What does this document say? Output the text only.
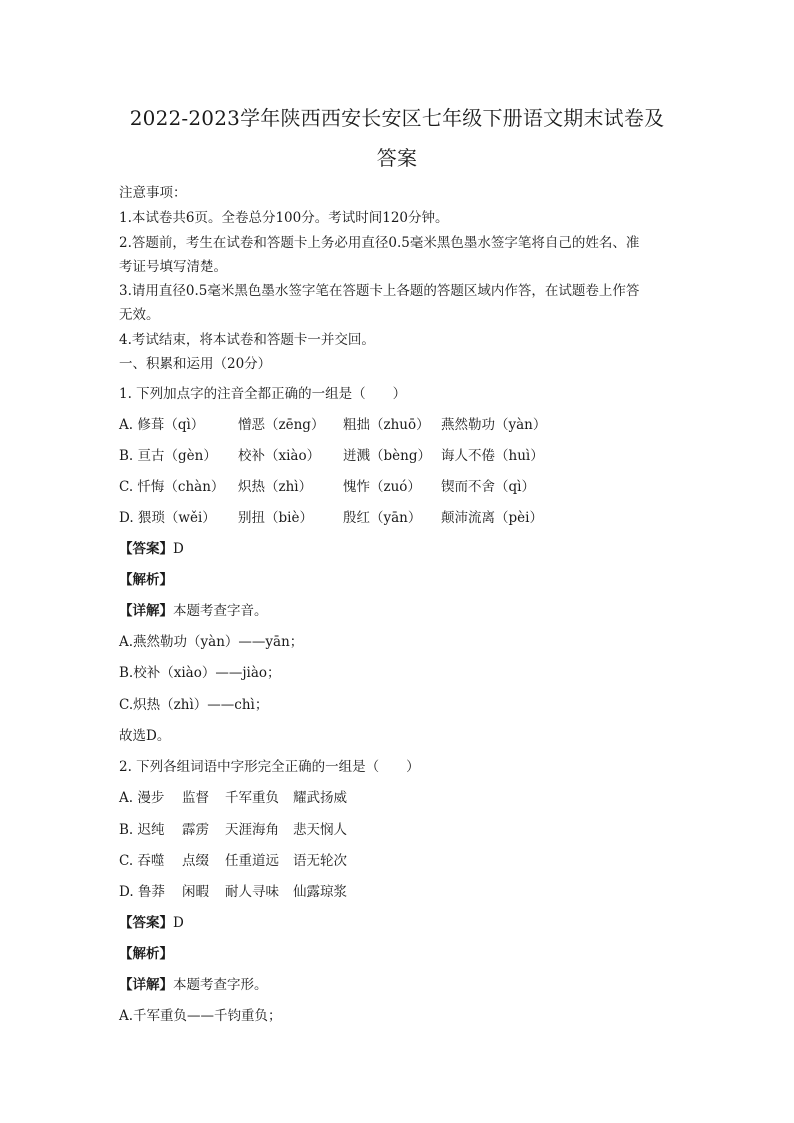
2022-2023学年陕西西安长安区七年级下册语文期末试卷及
答案
注意事项：
1.本试卷共6页。全卷总分100分。考试时间120分钟。
2.答题前，考生在试卷和答题卡上务必用直径0.5毫米黑色墨水签字笔将自己的姓名、准
考证号填写清楚。
3.请用直径0.5毫米黑色墨水签字笔在答题卡上各题的答题区域内作答，在试题卷上作答
无效。
4.考试结束，将本试卷和答题卡一并交回。
一、积累和运用（20分）
1. 下列加点字的注音全都正确的一组是（　　）
A. 修葺（qì） 憎恶（zēng） 粗拙（zhuō） 燕然勒功（yàn）
B. 亘古（gèn） 校补（xiào） 迸溅（bèng） 诲人不倦（huì）
C. 忏悔（chàn） 炽热（zhì） 愧怍（zuó） 锲而不舍（qì）
D. 猥琐（wěi） 别扭（biè） 殷红（yān） 颠沛流离（pèi）
【答案】D
【解析】
【详解】本题考查字音。
A.燕然勒功（yàn）——yān；
B.校补（xiào）——jiào；
C.炽热（zhì）——chì；
故选D。
2. 下列各组词语中字形完全正确的一组是（　　）
A. 漫步 监督 千军重负 耀武扬威
B. 迟纯 霹雳 天涯海角 悲天悯人
C. 吞噬 点缀 任重道远 语无轮次
D. 鲁莽 闲暇 耐人寻味 仙露琼浆
【答案】D
【解析】
【详解】本题考查字形。
A.千军重负——千钧重负；
